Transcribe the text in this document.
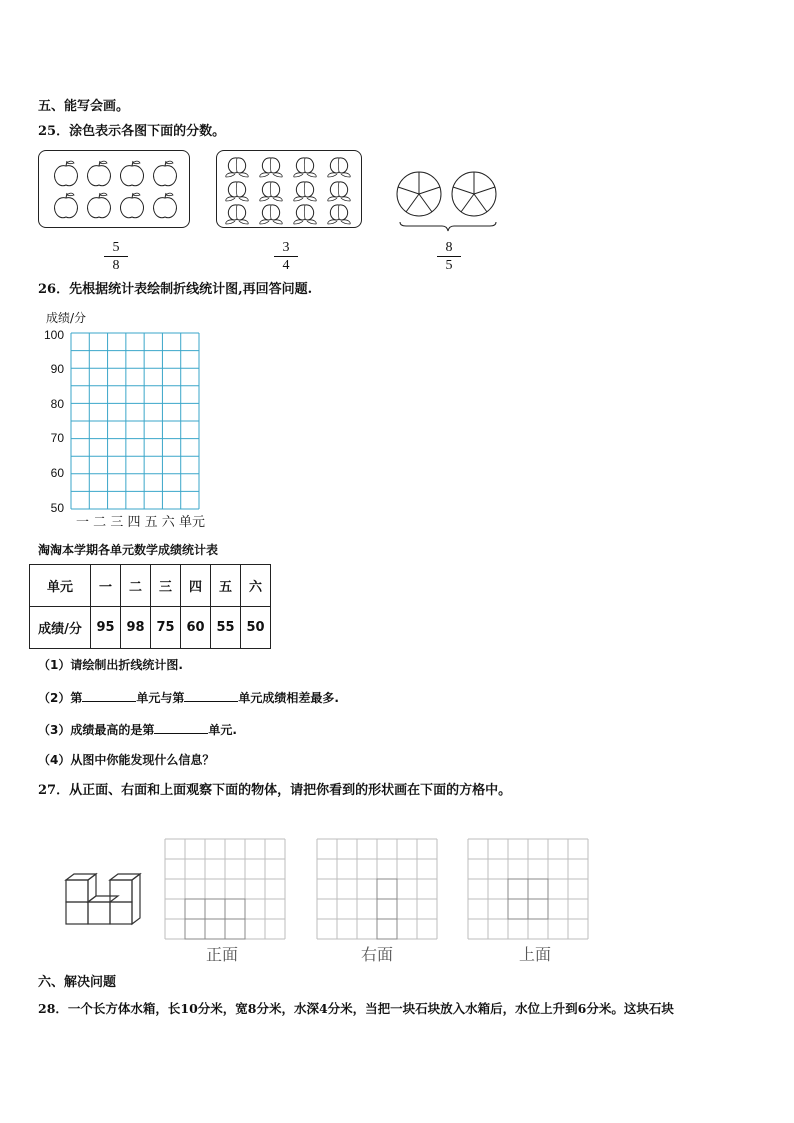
五、能写会画。
25．涂色表示各图下面的分数。
5
8
3
4
8
5
26．先根据统计表绘制折线统计图,再回答问题.
成绩/分
100
90
80
70
60
50
一 二 三 四 五 六 单元
淘淘本学期各单元数学成绩统计表
单元	一	二	三	四	五	六
成绩/分	95	98	75	60	55	50
（1）请绘制出折线统计图.
（2）第	单元与第	单元成绩相差最多.
（3）成绩最高的是第	单元.
（4）从图中你能发现什么信息？
27．从正面、右面和上面观察下面的物体，请把你看到的形状画在下面的方格中。
正面	右面	上面
六、解决问题
28．一个长方体水箱，长10分米，宽8分米，水深4分米，当把一块石块放入水箱后，水位上升到6分米。这块石块
